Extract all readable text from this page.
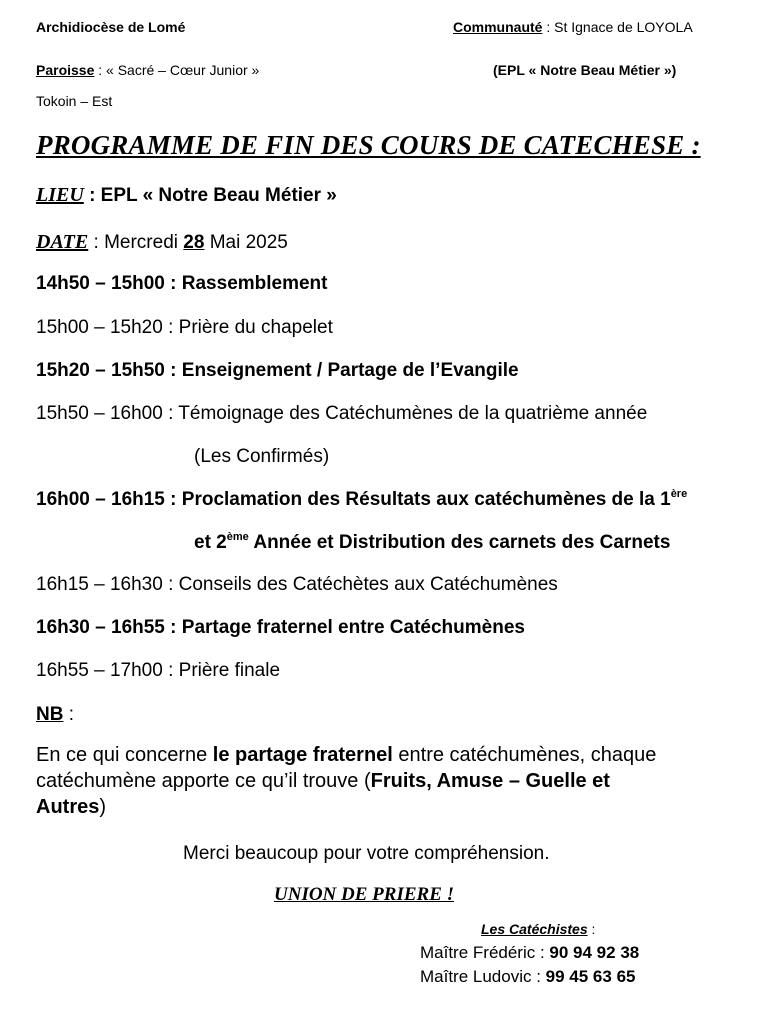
Archidiocèse de Lomé	Communauté : St Ignace de LOYOLA
Paroisse : « Sacré – Cœur Junior »	(EPL « Notre Beau Métier »)
Tokoin – Est
PROGRAMME DE FIN DES COURS DE CATECHESE :
LIEU : EPL « Notre Beau Métier »
DATE : Mercredi 28 Mai 2025
14h50 – 15h00 : Rassemblement
15h00 – 15h20 : Prière du chapelet
15h20 – 15h50 : Enseignement / Partage de l’Evangile
15h50 – 16h00 : Témoignage des Catéchumènes de la quatrième année
(Les Confirmés)
16h00 – 16h15 : Proclamation des Résultats aux catéchumènes de la 1ère
et 2ème Année et Distribution des carnets des Carnets
16h15 – 16h30 : Conseils des Catéchètes aux Catéchumènes
16h30 – 16h55 : Partage fraternel entre Catéchumènes
16h55 – 17h00 : Prière finale
NB :
En ce qui concerne le partage fraternel entre catéchumènes, chaque
catéchumène apporte ce qu’il trouve (Fruits, Amuse – Guelle et
Autres)
Merci beaucoup pour votre compréhension.
UNION DE PRIERE !
Les Catéchistes :
Maître Frédéric : 90 94 92 38
Maître Ludovic : 99 45 63 65
